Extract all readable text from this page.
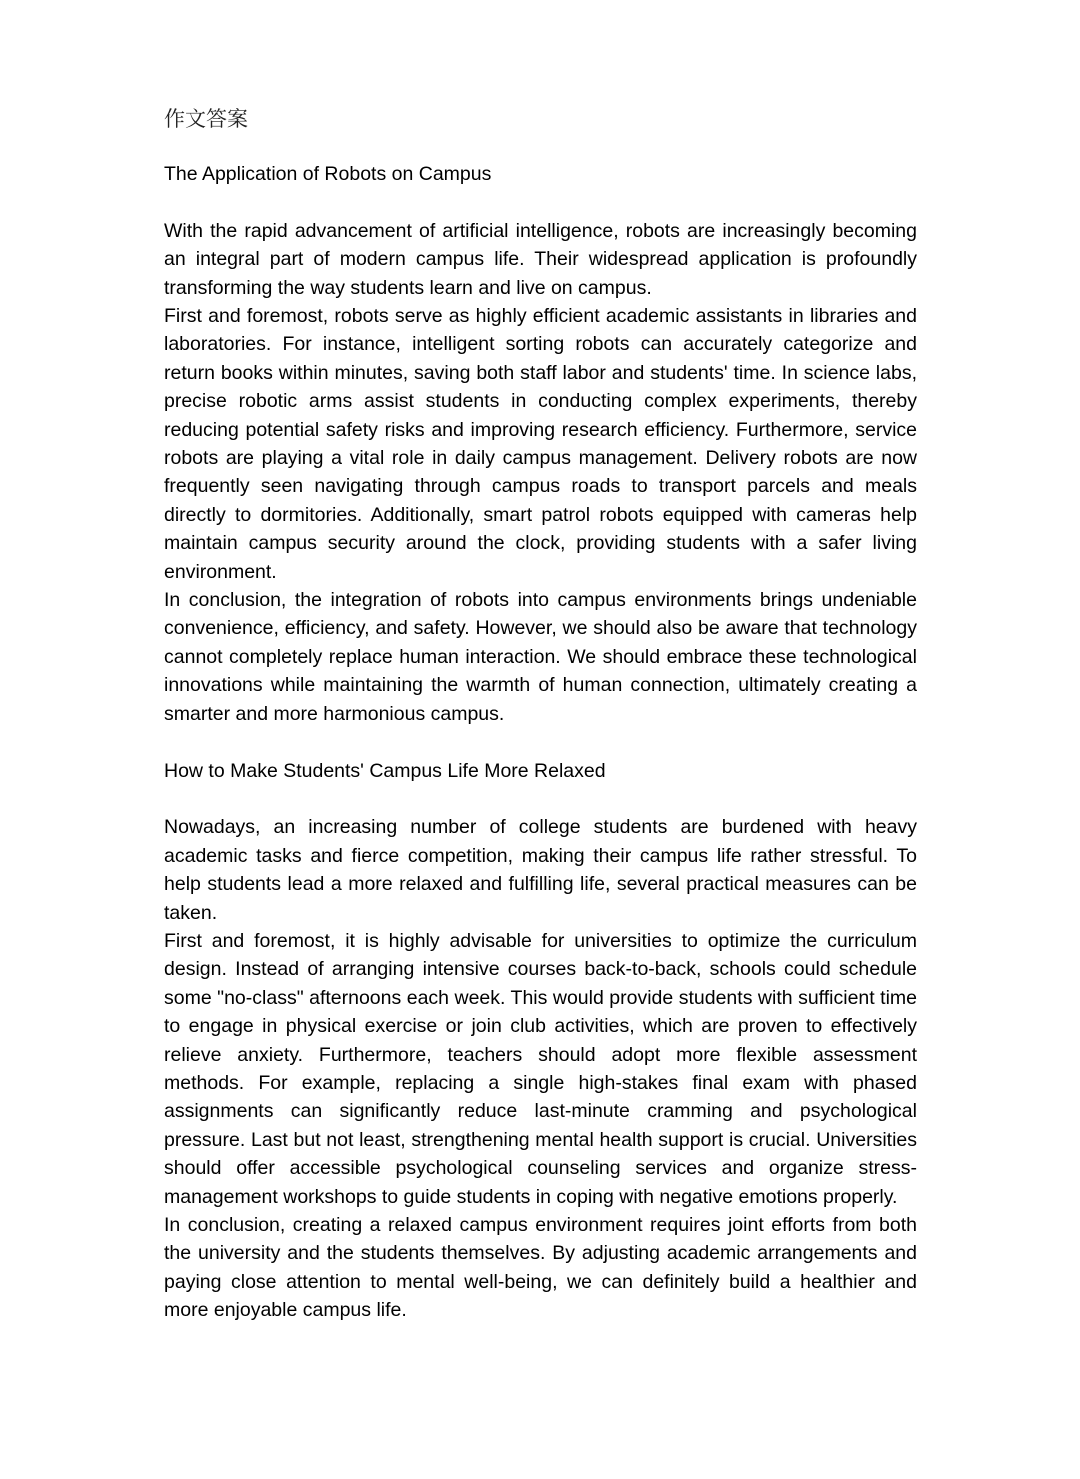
作文答案
The Application of Robots on Campus

With the rapid advancement of artificial intelligence, robots are increasingly becoming an integral part of modern campus life. Their widespread application is profoundly transforming the way students learn and live on campus.

First and foremost, robots serve as highly efficient academic assistants in libraries and laboratories. For instance, intelligent sorting robots can accurately categorize and return books within minutes, saving both staff labor and students' time. In science labs, precise robotic arms assist students in conducting complex experiments, thereby reducing potential safety risks and improving research efficiency. Furthermore, service robots are playing a vital role in daily campus management. Delivery robots are now frequently seen navigating through campus roads to transport parcels and meals directly to dormitories. Additionally, smart patrol robots equipped with cameras help maintain campus security around the clock, providing students with a safer living environment.

In conclusion, the integration of robots into campus environments brings undeniable convenience, efficiency, and safety. However, we should also be aware that technology cannot completely replace human interaction. We should embrace these technological innovations while maintaining the warmth of human connection, ultimately creating a smarter and more harmonious campus.

How to Make Students' Campus Life More Relaxed

Nowadays, an increasing number of college students are burdened with heavy academic tasks and fierce competition, making their campus life rather stressful. To help students lead a more relaxed and fulfilling life, several practical measures can be taken.

First and foremost, it is highly advisable for universities to optimize the curriculum design. Instead of arranging intensive courses back-to-back, schools could schedule some "no-class" afternoons each week. This would provide students with sufficient time to engage in physical exercise or join club activities, which are proven to effectively relieve anxiety. Furthermore, teachers should adopt more flexible assessment methods. For example, replacing a single high-stakes final exam with phased assignments can significantly reduce last-minute cramming and psychological pressure. Last but not least, strengthening mental health support is crucial. Universities should offer accessible psychological counseling services and organize stress-management workshops to guide students in coping with negative emotions properly.

In conclusion, creating a relaxed campus environment requires joint efforts from both the university and the students themselves. By adjusting academic arrangements and paying close attention to mental well-being, we can definitely build a healthier and more enjoyable campus life.
